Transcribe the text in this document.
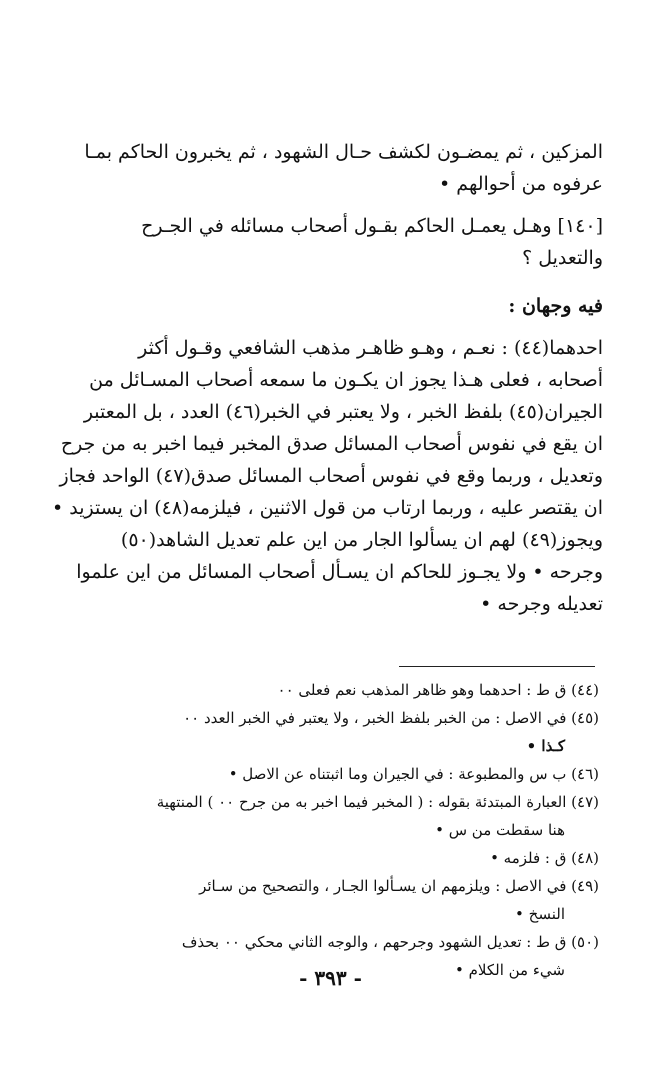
المزكين ، ثم يمضـون لكشف حـال الشهود ، ثم يخبرون الحاكم بمـا
عرفوه من أحوالهم •
[١٤٠] وهـل يعمـل الحاكم بقـول أصحاب مسائله في الجـرح
والتعديل ؟
فيه وجهان :
احدهما(٤٤) : نعـم ، وهـو ظاهـر مذهب الشافعي وقـول أكثر
أصحابه ، فعلى هـذا يجوز ان يكـون ما سمعه أصحاب المسـائل من
الجيران(٤٥) بلفظ الخبر ، ولا يعتبر في الخبر(٤٦) العدد ، بل المعتبر
ان يقع في نفوس أصحاب المسائل صدق المخبر فيما اخبر به من جرح
وتعديل ، وربما وقع في نفوس أصحاب المسائل صدق(٤٧) الواحد فجاز
ان يقتصر عليه ، وربما ارتاب من قول الاثنين ، فيلزمه(٤٨) ان يستزيد •
ويجوز(٤٩) لهم ان يسألوا الجار من اين علم تعديل الشاهد(٥٠)
وجرحه • ولا يجـوز للحاكم ان يسـأل أصحاب المسائل من اين علموا
تعديله وجرحه •
(٤٤) ق ط : احدهما وهو ظاهر المذهب نعم فعلى ٠٠
(٤٥) في الاصل : من الخبر بلفظ الخبر ، ولا يعتبر في الخبر العدد ٠٠
كـذا •
(٤٦) ب س والمطبوعة : في الجيران وما اثبتناه عن الاصل •
(٤٧) العبارة المبتدئة بقوله : ( المخبر فيما اخبر به من جرح ٠٠ ) المنتهية
هنا سقطت من س •
(٤٨) ق : فلزمه •
(٤٩) في الاصل : ويلزمهم ان يسـألوا الجـار ، والتصحيح من سـائر
النسخ •
(٥٠) ق ط : تعديل الشهود وجرحهم ، والوجه الثاني محكي ٠٠ بحذف
شيء من الكلام •
- ٣٩٣ -
